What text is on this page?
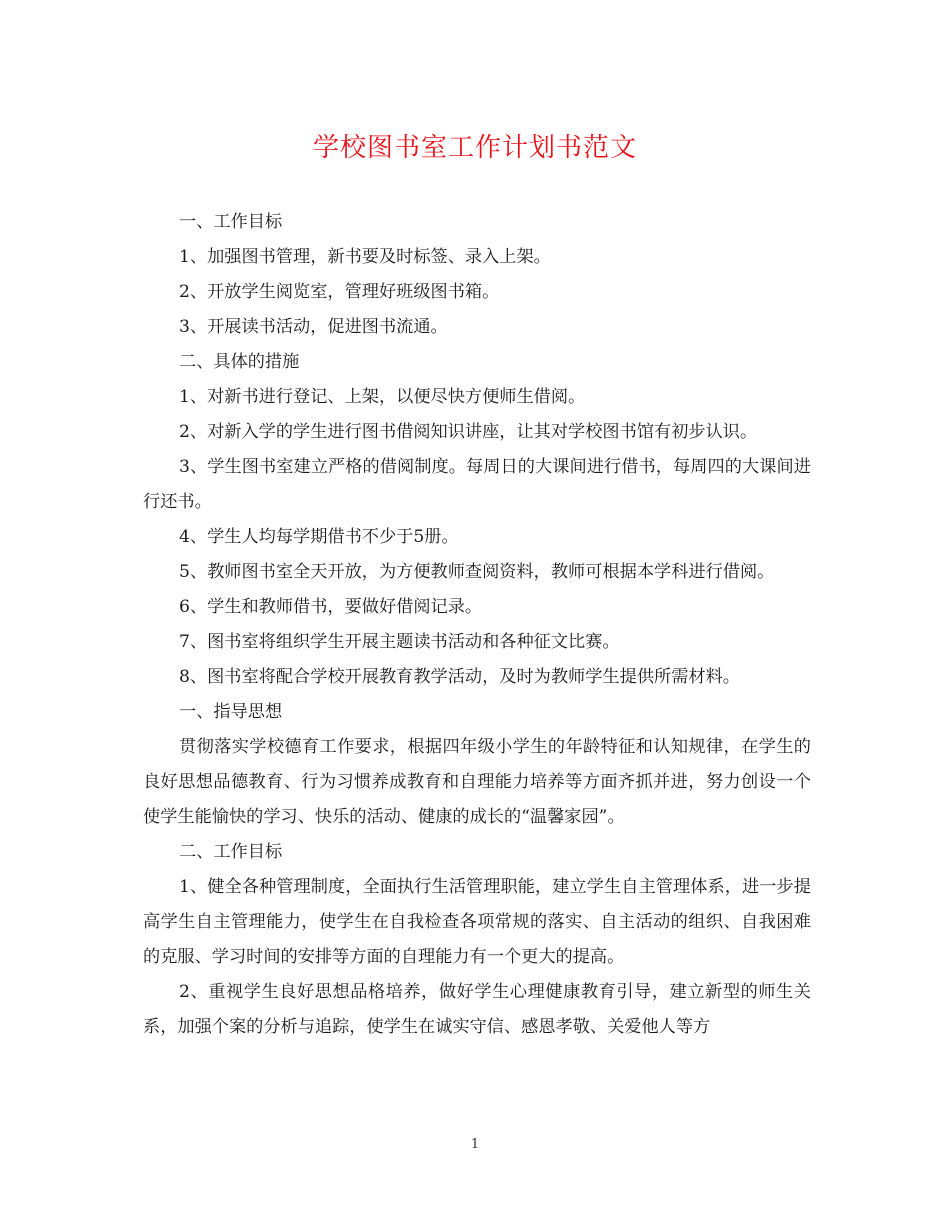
学校图书室工作计划书范文

一、工作目标

1、加强图书管理，新书要及时标签、录入上架。

2、开放学生阅览室，管理好班级图书箱。

3、开展读书活动，促进图书流通。

二、具体的措施

1、对新书进行登记、上架，以便尽快方便师生借阅。

2、对新入学的学生进行图书借阅知识讲座，让其对学校图书馆有初步认识。

3、学生图书室建立严格的借阅制度。每周日的大课间进行借书，每周四的大课间进行还书。

4、学生人均每学期借书不少于5册。

5、教师图书室全天开放，为方便教师查阅资料，教师可根据本学科进行借阅。

6、学生和教师借书，要做好借阅记录。

7、图书室将组织学生开展主题读书活动和各种征文比赛。

8、图书室将配合学校开展教育教学活动，及时为教师学生提供所需材料。

一、指导思想

贯彻落实学校德育工作要求，根据四年级小学生的年龄特征和认知规律，在学生的良好思想品德教育、行为习惯养成教育和自理能力培养等方面齐抓并进，努力创设一个使学生能愉快的学习、快乐的活动、健康的成长的“温馨家园”。

二、工作目标

1、健全各种管理制度，全面执行生活管理职能，建立学生自主管理体系，进一步提高学生自主管理能力，使学生在自我检查各项常规的落实、自主活动的组织、自我困难的克服、学习时间的安排等方面的自理能力有一个更大的提高。

2、重视学生良好思想品格培养，做好学生心理健康教育引导，建立新型的师生关系，加强个案的分析与追踪，使学生在诚实守信、感恩孝敬、关爱他人等方

1
